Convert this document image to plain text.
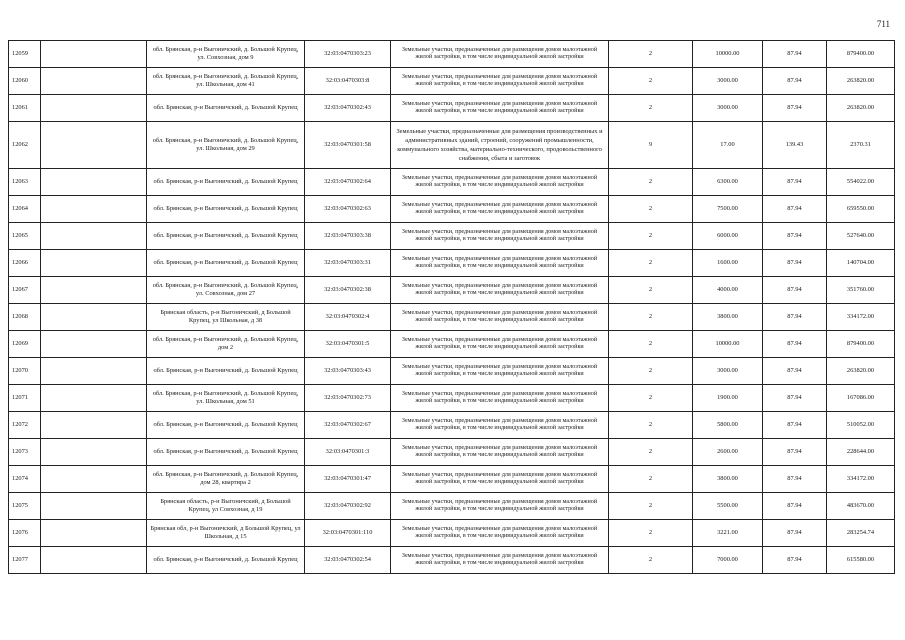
711
12059		обл. Брянская, р-н Выгоничский, д. Большой Крупец, ул. Совхозная, дом 9	32:03:0470303:23	Земельные участки, предназначенные для размещения домов малоэтажной жилой застройки, в том числе индивидуальной жилой застройки	2	10000.00	87.94	879400.00
12060		обл. Брянская, р-н Выгоничский, д. Большой Крупец, ул. Школьная, дом 41	32:03:0470303:8	Земельные участки, предназначенные для размещения домов малоэтажной жилой застройки, в том числе индивидуальной жилой застройки	2	3000.00	87.94	263820.00
12061		обл. Брянская, р-н Выгоничский, д. Большой Крупец	32:03:0470302:43	Земельные участки, предназначенные для размещения домов малоэтажной жилой застройки, в том числе индивидуальной жилой застройки	2	3000.00	87.94	263820.00
12062		обл. Брянская, р-н Выгоничский, д. Большой Крупец, ул. Школьная, дом 29	32:03:0470301:58	Земельные участки, предназначенные для размещения производственных и административных зданий, строений, сооружений промышленности, коммунального хозяйства, материально-технического, продовольственного снабжения, сбыта и заготовок	9	17.00	139.43	2370.31
12063		обл. Брянская, р-н Выгоничский, д. Большой Крупец	32:03:0470302:64	Земельные участки, предназначенные для размещения домов малоэтажной жилой застройки, в том числе индивидуальной жилой застройки	2	6300.00	87.94	554022.00
12064		обл. Брянская, р-н Выгоничский, д. Большой Крупец	32:03:0470302:63	Земельные участки, предназначенные для размещения домов малоэтажной жилой застройки, в том числе индивидуальной жилой застройки	2	7500.00	87.94	659550.00
12065		обл. Брянская, р-н Выгоничский, д. Большой Крупец	32:03:0470303:38	Земельные участки, предназначенные для размещения домов малоэтажной жилой застройки, в том числе индивидуальной жилой застройки	2	6000.00	87.94	527640.00
12066		обл. Брянская, р-н Выгоничский, д. Большой Крупец	32:03:0470303:31	Земельные участки, предназначенные для размещения домов малоэтажной жилой застройки, в том числе индивидуальной жилой застройки	2	1600.00	87.94	140704.00
12067		обл. Брянская, р-н Выгоничский, д. Большой Крупец, ул. Совхозная, дом 27	32:03:0470302:38	Земельные участки, предназначенные для размещения домов малоэтажной жилой застройки, в том числе индивидуальной жилой застройки	2	4000.00	87.94	351760.00
12068		Брянская область, р-н Выгоничский, д Большой Крупец, ул Школьная, д 38	32:03:0470302:4	Земельные участки, предназначенные для размещения домов малоэтажной жилой застройки, в том числе индивидуальной жилой застройки	2	3800.00	87.94	334172.00
12069		обл. Брянская, р-н Выгоничский, д. Большой Крупец, дом 2	32:03:0470301:5	Земельные участки, предназначенные для размещения домов малоэтажной жилой застройки, в том числе индивидуальной жилой застройки	2	10000.00	87.94	879400.00
12070		обл. Брянская, р-н Выгоничский, д. Большой Крупец	32:03:0470303:43	Земельные участки, предназначенные для размещения домов малоэтажной жилой застройки, в том числе индивидуальной жилой застройки	2	3000.00	87.94	263820.00
12071		обл. Брянская, р-н Выгоничский, д. Большой Крупец, ул. Школьная, дом 51	32:03:0470302:73	Земельные участки, предназначенные для размещения домов малоэтажной жилой застройки, в том числе индивидуальной жилой застройки	2	1900.00	87.94	167086.00
12072		обл. Брянская, р-н Выгоничский, д. Большой Крупец	32:03:0470302:67	Земельные участки, предназначенные для размещения домов малоэтажной жилой застройки, в том числе индивидуальной жилой застройки	2	5800.00	87.94	510052.00
12073		обл. Брянская, р-н Выгоничский, д. Большой Крупец	32:03:0470301:3	Земельные участки, предназначенные для размещения домов малоэтажной жилой застройки, в том числе индивидуальной жилой застройки	2	2600.00	87.94	228644.00
12074		обл. Брянская, р-н Выгоничский, д. Большой Крупец, дом 28, квартира 2	32:03:0470301:47	Земельные участки, предназначенные для размещения домов малоэтажной жилой застройки, в том числе индивидуальной жилой застройки	2	3800.00	87.94	334172.00
12075		Брянская область, р-н Выгоничский, д Большой Крупец, ул Совхозная, д 19	32:03:0470302:92	Земельные участки, предназначенные для размещения домов малоэтажной жилой застройки, в том числе индивидуальной жилой застройки	2	5500.00	87.94	483670.00
12076		Брянская обл, р-н Выгоничский, д Большой Крупец, ул Школьная, д 15	32:03:0470301:110	Земельные участки, предназначенные для размещения домов малоэтажной жилой застройки, в том числе индивидуальной жилой застройки	2	3221.00	87.94	283254.74
12077		обл. Брянская, р-н Выгоничский, д. Большой Крупец	32:03:0470302:54	Земельные участки, предназначенные для размещения домов малоэтажной жилой застройки, в том числе индивидуальной жилой застройки	2	7000.00	87.94	615580.00
